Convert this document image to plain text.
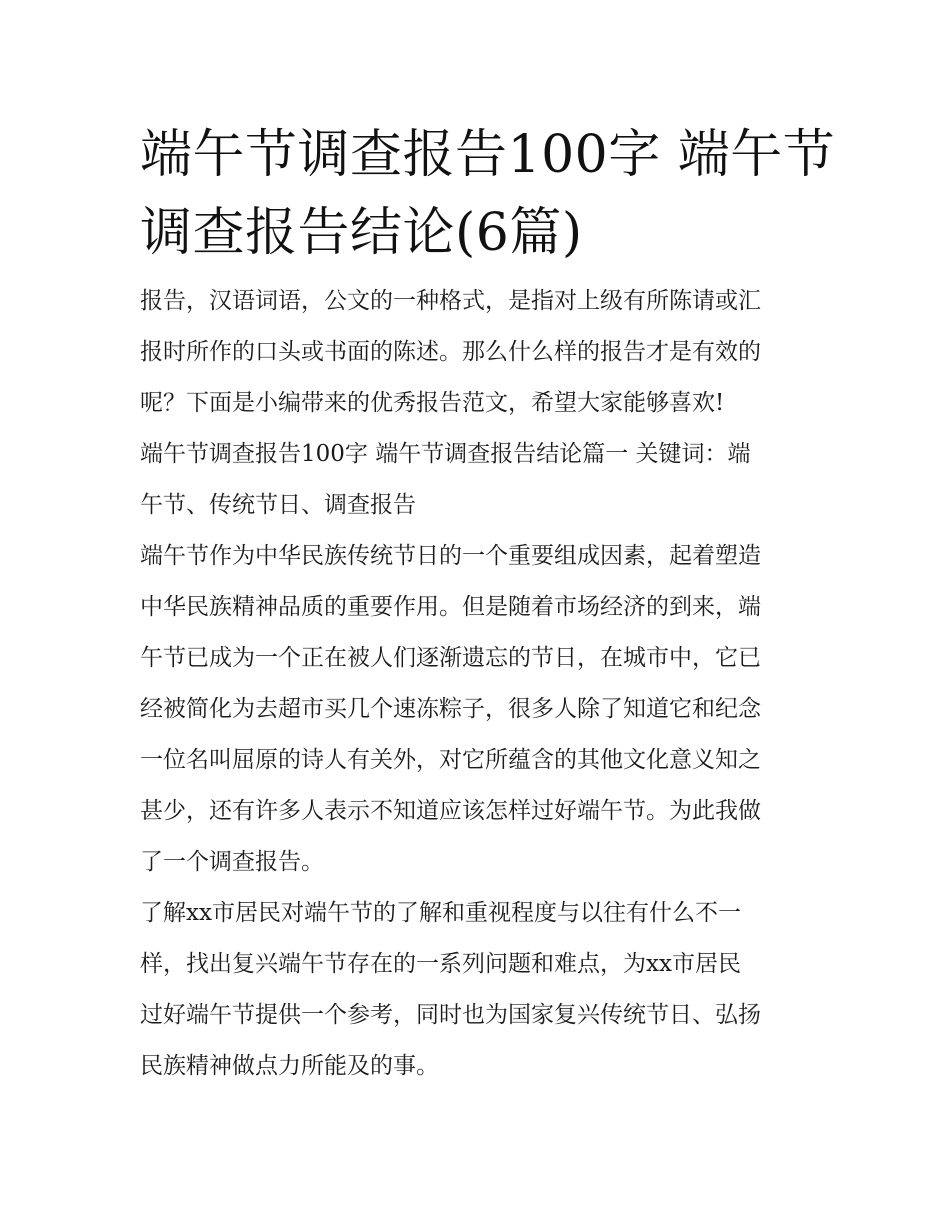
端午节调查报告100字 端午节
调查报告结论(6篇)
报告，汉语词语，公文的一种格式，是指对上级有所陈请或汇
报时所作的口头或书面的陈述。那么什么样的报告才是有效的
呢？下面是小编带来的优秀报告范文，希望大家能够喜欢!
端午节调查报告100字 端午节调查报告结论篇一 关键词：端
午节、传统节日、调查报告
端午节作为中华民族传统节日的一个重要组成因素，起着塑造
中华民族精神品质的重要作用。但是随着市场经济的到来，端
午节已成为一个正在被人们逐渐遗忘的节日，在城市中，它已
经被简化为去超市买几个速冻粽子，很多人除了知道它和纪念
一位名叫屈原的诗人有关外，对它所蕴含的其他文化意义知之
甚少，还有许多人表示不知道应该怎样过好端午节。为此我做
了一个调查报告。
了解xx市居民对端午节的了解和重视程度与以往有什么不一
样，找出复兴端午节存在的一系列问题和难点，为xx市居民
过好端午节提供一个参考，同时也为国家复兴传统节日、弘扬
民族精神做点力所能及的事。
